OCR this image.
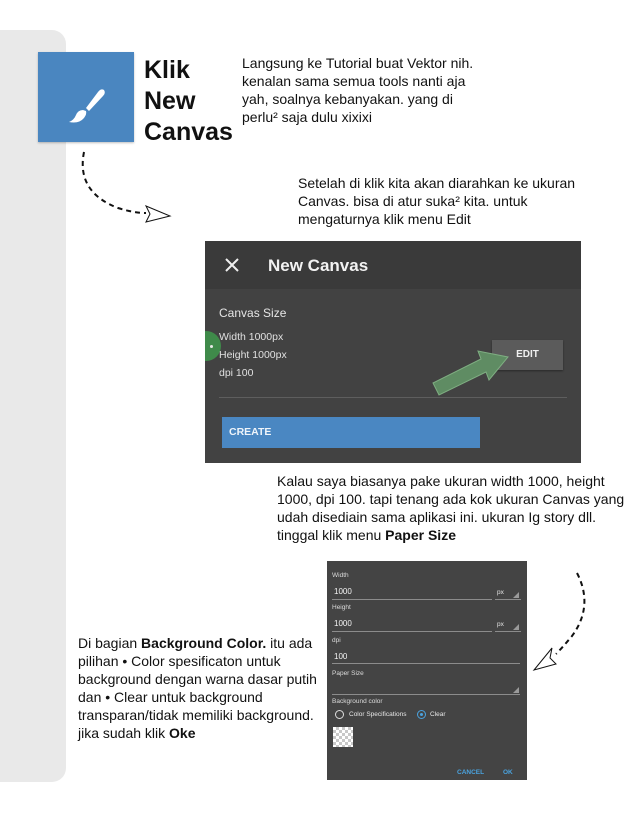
Klik
New
Canvas
Langsung ke Tutorial buat Vektor nih. kenalan sama semua tools nanti aja yah, soalnya kebanyakan. yang di perlu² saja dulu xixixi
Setelah di klik kita akan diarahkan ke ukuran Canvas. bisa di atur suka² kita. untuk mengaturnya klik menu Edit
Kalau saya biasanya pake ukuran width 1000, height 1000, dpi 100. tapi tenang ada kok ukuran Canvas yang udah disediain sama aplikasi ini. ukuran Ig story dll. tinggal klik menu Paper Size
Di bagian Background Color. itu ada pilihan • Color spesificaton untuk background dengan warna dasar putih dan • Clear untuk background transparan/tidak memiliki background. jika sudah klik Oke
New Canvas
Canvas Size
Width 1000px
Height 1000px
dpi 100
EDIT
CREATE
Width
1000	px
Height
1000	px
dpi
100
Paper Size
Background color
Color Specifications	Clear
CANCEL	OK
